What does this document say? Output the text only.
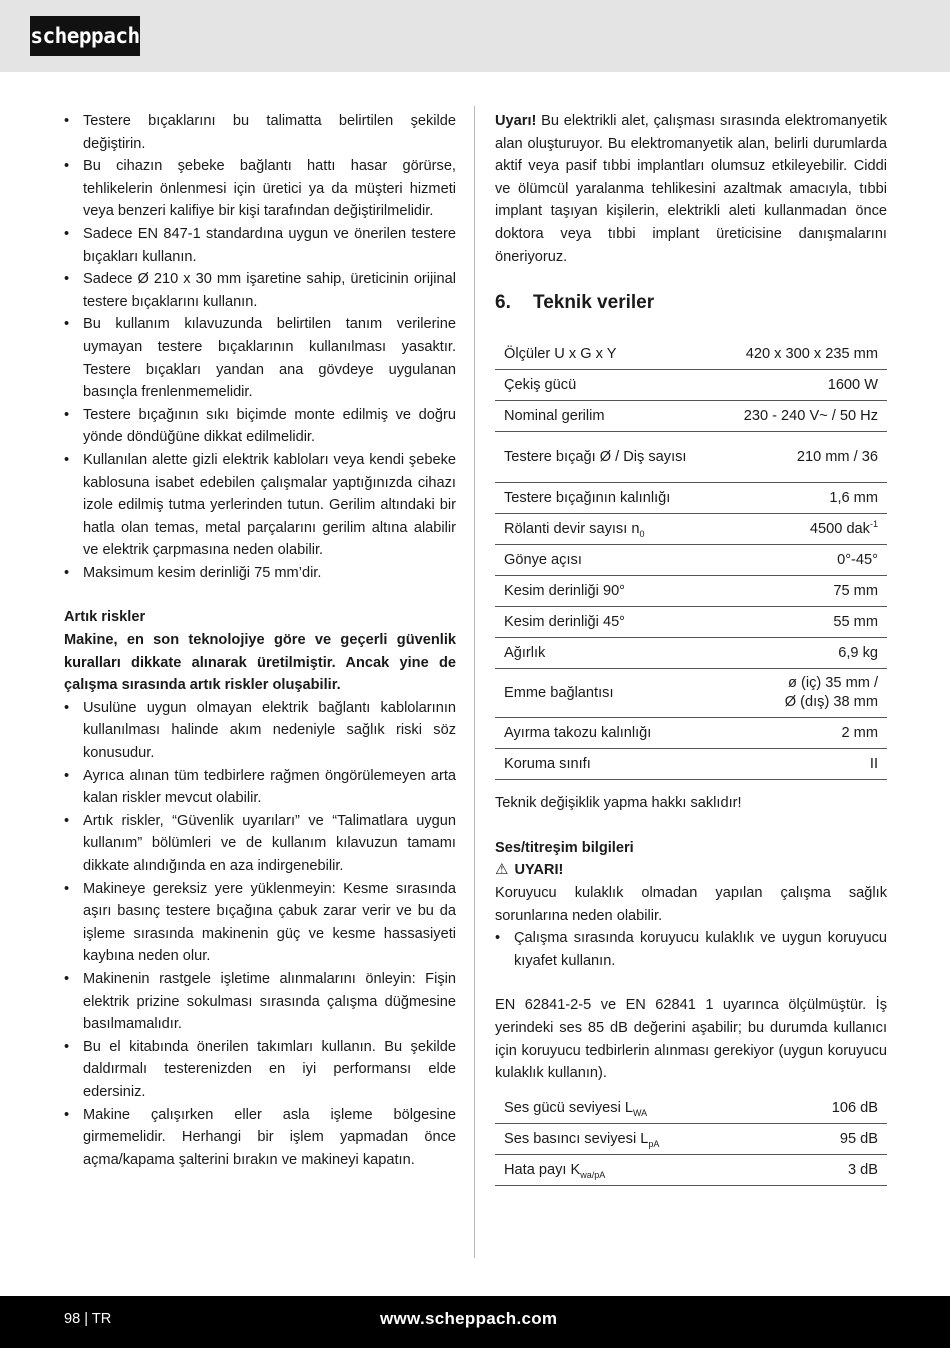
scheppach
• Testere bıçaklarını bu talimatta belirtilen şekilde değiştirin.
• Bu cihazın şebeke bağlantı hattı hasar görürse, tehlikelerin önlenmesi için üretici ya da müşteri hizmeti veya benzeri kalifiye bir kişi tarafından değiştirilmelidir.
• Sadece EN 847-1 standardına uygun ve önerilen testere bıçakları kullanın.
• Sadece Ø 210 x 30 mm işaretine sahip, üreticinin orijinal testere bıçaklarını kullanın.
• Bu kullanım kılavuzunda belirtilen tanım verilerine uymayan testere bıçaklarının kullanılması yasaktır. Testere bıçakları yandan ana gövdeye uygulanan basınçla frenlenmemelidir.
• Testere bıçağının sıkı biçimde monte edilmiş ve doğru yönde döndüğüne dikkat edilmelidir.
• Kullanılan alette gizli elektrik kabloları veya kendi şebeke kablosuna isabet edebilen çalışmalar yaptığınızda cihazı izole edilmiş tutma yerlerinden tutun. Gerilim altındaki bir hatla olan temas, metal parçalarını gerilim altına alabilir ve elektrik çarpmasına neden olabilir.
• Maksimum kesim derinliği 75 mm’dir.
Artık riskler
Makine, en son teknolojiye göre ve geçerli güvenlik kuralları dikkate alınarak üretilmiştir. Ancak yine de çalışma sırasında artık riskler oluşabilir.
• Usulüne uygun olmayan elektrik bağlantı kablolarının kullanılması halinde akım nedeniyle sağlık riski söz konusudur.
• Ayrıca alınan tüm tedbirlere rağmen öngörülemeyen arta kalan riskler mevcut olabilir.
• Artık riskler, “Güvenlik uyarıları” ve “Talimatlara uygun kullanım” bölümleri ve de kullanım kılavuzun tamamı dikkate alındığında en aza indirgenebilir.
• Makineye gereksiz yere yüklenmeyin: Kesme sırasında aşırı basınç testere bıçağına çabuk zarar verir ve bu da işleme sırasında makinenin güç ve kesme hassasiyeti kaybına neden olur.
• Makinenin rastgele işletime alınmalarını önleyin: Fişin elektrik prizine sokulması sırasında çalışma düğmesine basılmamalıdır.
• Bu el kitabında önerilen takımları kullanın. Bu şekilde daldırmalı testerenizden en iyi performansı elde edersiniz.
• Makine çalışırken eller asla işleme bölgesine girmemelidir. Herhangi bir işlem yapmadan önce açma/kapama şalterini bırakın ve makineyi kapatın.

Uyarı! Bu elektrikli alet, çalışması sırasında elektromanyetik alan oluşturuyor. Bu elektromanyetik alan, belirli durumlarda aktif veya pasif tıbbi implantları olumsuz etkileyebilir. Ciddi ve ölümcül yaralanma tehlikesini azaltmak amacıyla, tıbbi implant taşıyan kişilerin, elektrikli aleti kullanmadan önce doktora veya tıbbi implant üreticisine danışmalarını öneriyoruz.

6.	Teknik veriler
Ölçüler U x G x Y	420 x 300 x 235 mm
Çekiş gücü	1600 W
Nominal gerilim	230 - 240 V~ / 50 Hz
Testere bıçağı Ø / Diş sayısı	210 mm / 36
Testere bıçağının kalınlığı	1,6 mm
Rölanti devir sayısı $n_0$	4500 dak$^{-1}$
Gönye açısı	0°-45°
Kesim derinliği 90°	75 mm
Kesim derinliği 45°	55 mm
Ağırlık	6,9 kg
Emme bağlantısı	ø (iç) 35 mm /
Ø (dış) 38 mm

Ayırma takozu kalınlığı	2 mm
Koruma sınıfı	II
Teknik değişiklik yapma hakkı saklıdır!
Ses/titreşim bilgileri
⚠ UYARI!

Koruyucu kulaklık olmadan yapılan çalışma sağlık sorunlarına neden olabilir.

• Çalışma sırasında koruyucu kulaklık ve uygun koruyucu kıyafet kullanın.

EN 62841-2-5 ve EN 62841 1 uyarınca ölçülmüştür. İş yerindeki ses 85 dB değerini aşabilir; bu durumda kullanıcı için koruyucu tedbirlerin alınması gerekiyor (uygun koruyucu kulaklık kullanın).

Ses gücü seviyesi $L_{WA}$	106 dB
Ses basıncı seviyesi $L_{pA}$	95 dB
Hata payı $K_{wa/pA}$	3 dB
98 | TR	www.scheppach.com
